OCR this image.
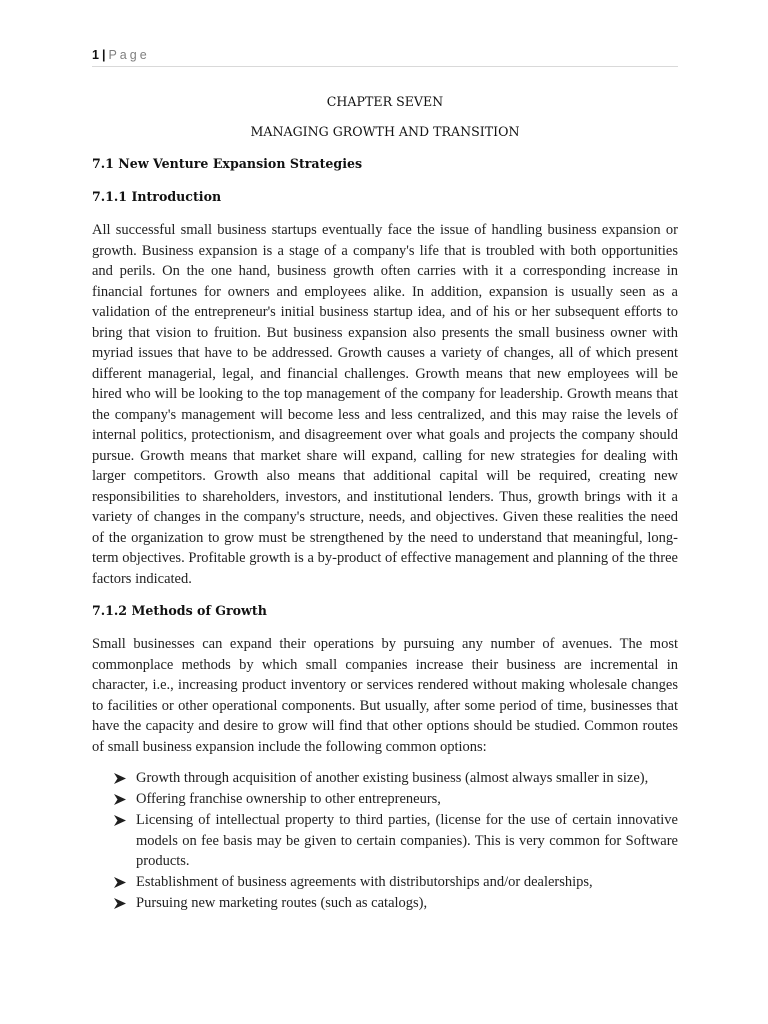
1 | Page

CHAPTER SEVEN

MANAGING GROWTH AND TRANSITION

7.1 New Venture Expansion Strategies

7.1.1 Introduction

All successful small business startups eventually face the issue of handling business expansion or growth. Business expansion is a stage of a company's life that is troubled with both opportunities and perils. On the one hand, business growth often carries with it a corresponding increase in financial fortunes for owners and employees alike. In addition, expansion is usually seen as a validation of the entrepreneur's initial business startup idea, and of his or her subsequent efforts to bring that vision to fruition. But business expansion also presents the small business owner with myriad issues that have to be addressed. Growth causes a variety of changes, all of which present different managerial, legal, and financial challenges. Growth means that new employees will be hired who will be looking to the top management of the company for leadership. Growth means that the company's management will become less and less centralized, and this may raise the levels of internal politics, protectionism, and disagreement over what goals and projects the company should pursue. Growth means that market share will expand, calling for new strategies for dealing with larger competitors. Growth also means that additional capital will be required, creating new responsibilities to shareholders, investors, and institutional lenders. Thus, growth brings with it a variety of changes in the company's structure, needs, and objectives. Given these realities the need of the organization to grow must be strengthened by the need to understand that meaningful, long-term objectives. Profitable growth is a by-product of effective management and planning of the three factors indicated.

7.1.2 Methods of Growth

Small businesses can expand their operations by pursuing any number of avenues. The most commonplace methods by which small companies increase their business are incremental in character, i.e., increasing product inventory or services rendered without making wholesale changes to facilities or other operational components. But usually, after some period of time, businesses that have the capacity and desire to grow will find that other options should be studied. Common routes of small business expansion include the following common options:

Growth through acquisition of another existing business (almost always smaller in size),
Offering franchise ownership to other entrepreneurs,
Licensing of intellectual property to third parties, (license for the use of certain innovative models on fee basis may be given to certain companies). This is very common for Software products.
Establishment of business agreements with distributorships and/or dealerships,
Pursuing new marketing routes (such as catalogs),
